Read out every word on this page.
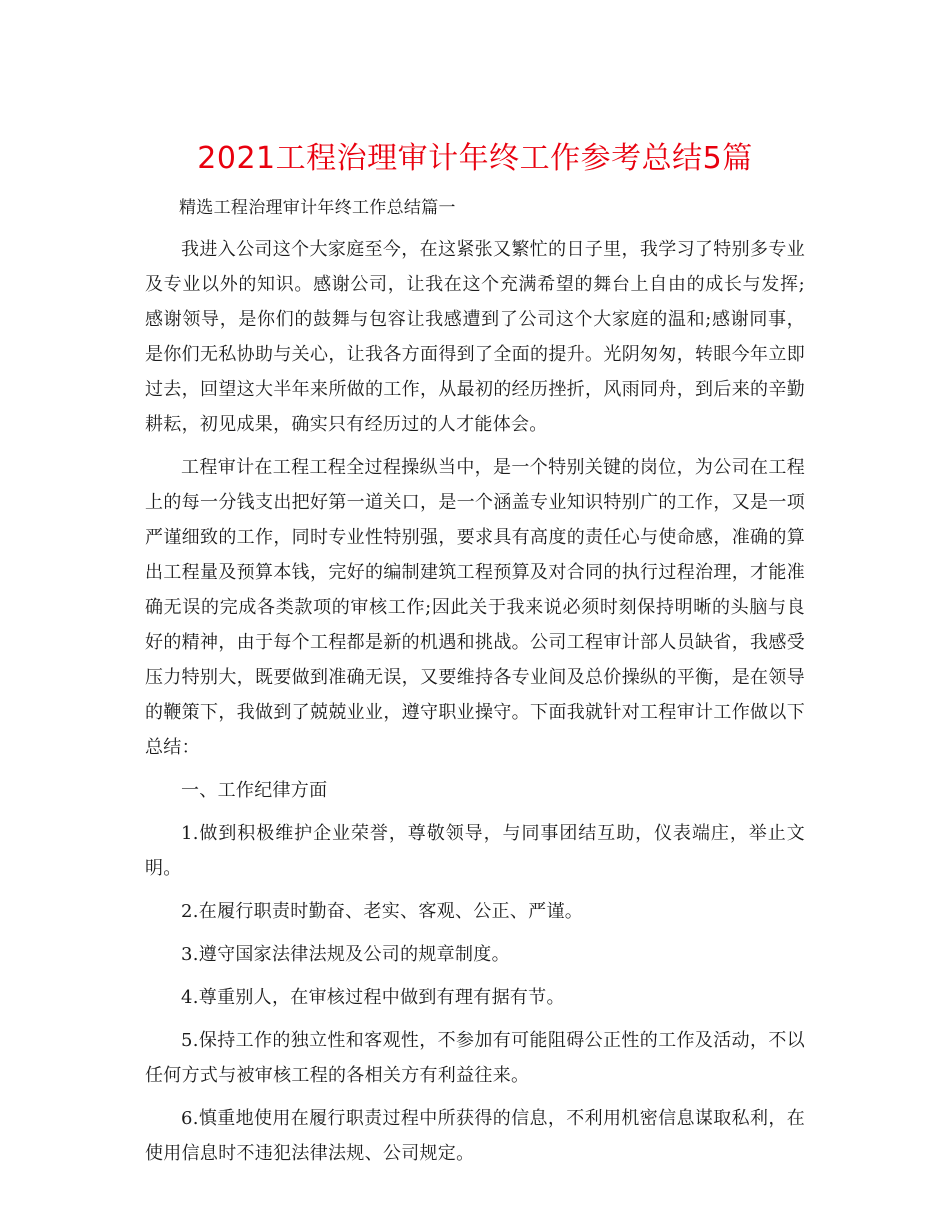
2021工程治理审计年终工作参考总结5篇

精选工程治理审计年终工作总结篇一

我进入公司这个大家庭至今，在这紧张又繁忙的日子里，我学习了特别多专业及专业以外的知识。感谢公司，让我在这个充满希望的舞台上自由的成长与发挥;感谢领导，是你们的鼓舞与包容让我感遭到了公司这个大家庭的温和;感谢同事，是你们无私协助与关心，让我各方面得到了全面的提升。光阴匆匆，转眼今年立即过去，回望这大半年来所做的工作，从最初的经历挫折，风雨同舟，到后来的辛勤耕耘，初见成果，确实只有经历过的人才能体会。

工程审计在工程工程全过程操纵当中，是一个特别关键的岗位，为公司在工程上的每一分钱支出把好第一道关口，是一个涵盖专业知识特别广的工作，又是一项严谨细致的工作，同时专业性特别强，要求具有高度的责任心与使命感，准确的算出工程量及预算本钱，完好的编制建筑工程预算及对合同的执行过程治理，才能准确无误的完成各类款项的审核工作;因此关于我来说必须时刻保持明晰的头脑与良好的精神，由于每个工程都是新的机遇和挑战。公司工程审计部人员缺省，我感受压力特别大，既要做到准确无误，又要维持各专业间及总价操纵的平衡，是在领导的鞭策下，我做到了兢兢业业，遵守职业操守。下面我就针对工程审计工作做以下总结：

一、工作纪律方面

1.做到积极维护企业荣誉，尊敬领导，与同事团结互助，仪表端庄，举止文明。

2.在履行职责时勤奋、老实、客观、公正、严谨。

3.遵守国家法律法规及公司的规章制度。

4.尊重别人，在审核过程中做到有理有据有节。

5.保持工作的独立性和客观性，不参加有可能阻碍公正性的工作及活动，不以任何方式与被审核工程的各相关方有利益往来。

6.慎重地使用在履行职责过程中所获得的信息，不利用机密信息谋取私利，在使用信息时不违犯法律法规、公司规定。
